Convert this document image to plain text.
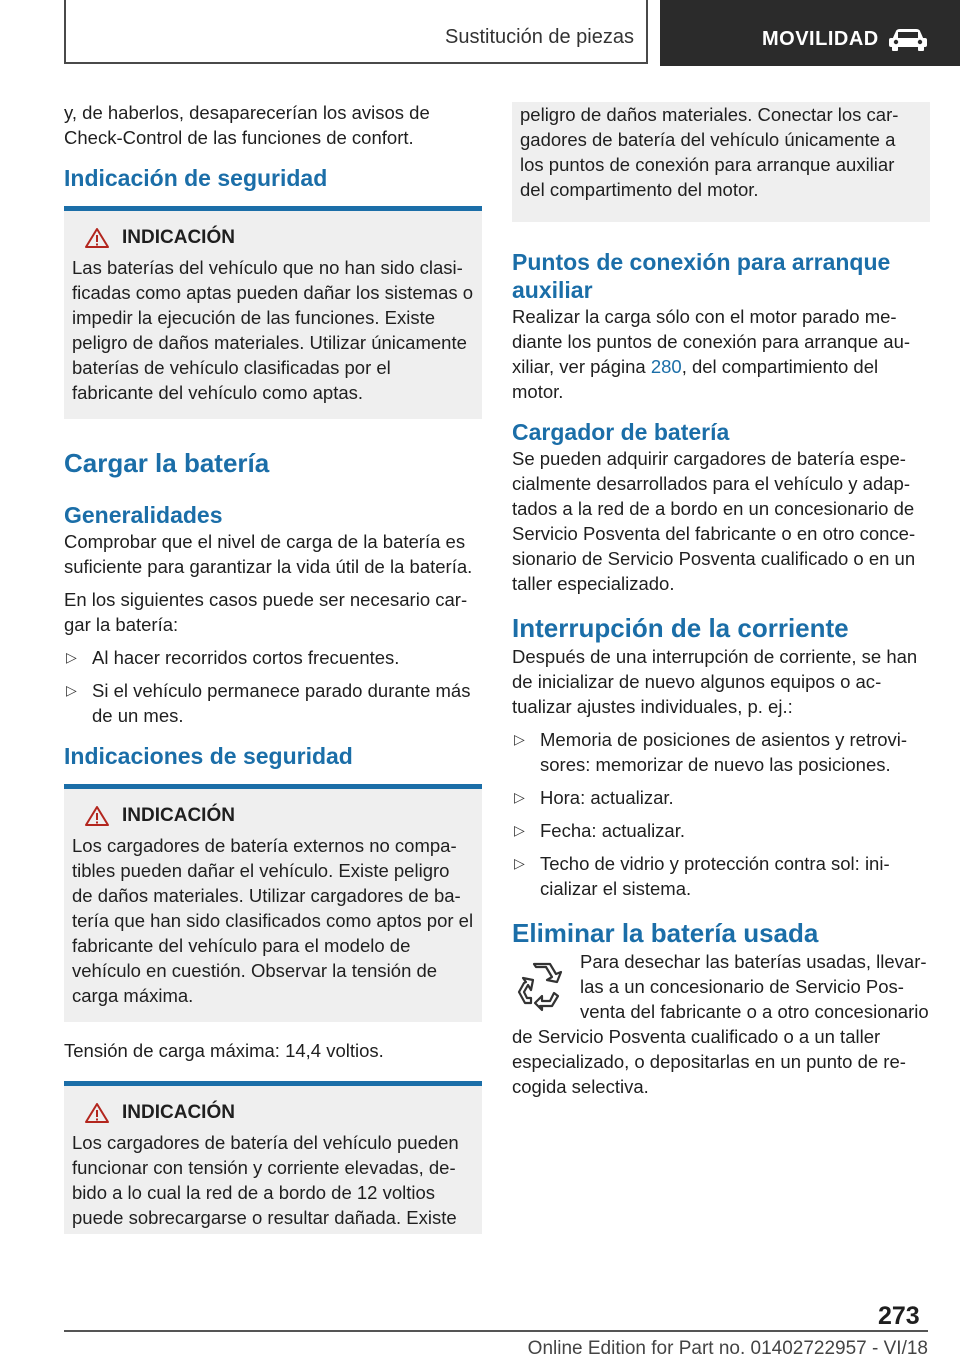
Sustitución de piezas	MOVILIDAD

y, de haberlos, desaparecerían los avisos de Check-Control de las funciones de confort.

Indicación de seguridad
INDICACIÓN

Las baterías del vehículo que no han sido clasificadas como aptas pueden dañar los sistemas o impedir la ejecución de las funciones. Existe peligro de daños materiales. Utilizar únicamente baterías de vehículo clasificadas por el fabricante del vehículo como aptas.

Cargar la batería
Generalidades

Comprobar que el nivel de carga de la batería es suficiente para garantizar la vida útil de la batería.

En los siguientes casos puede ser necesario cargar la batería:

▷ Al hacer recorridos cortos frecuentes.
▷ Si el vehículo permanece parado durante más de un mes.
Indicaciones de seguridad
INDICACIÓN

Los cargadores de batería externos no compatibles pueden dañar el vehículo. Existe peligro de daños materiales. Utilizar cargadores de batería que han sido clasificados como aptos por el fabricante del vehículo para el modelo de vehículo en cuestión. Observar la tensión de carga máxima.

Tensión de carga máxima: 14,4 voltios.

INDICACIÓN

Los cargadores de batería del vehículo pueden funcionar con tensión y corriente elevadas, debido a lo cual la red de a bordo de 12 voltios puede sobrecargarse o resultar dañada. Existe

peligro de daños materiales. Conectar los cargadores de batería del vehículo únicamente a los puntos de conexión para arranque auxiliar del compartimento del motor.

Puntos de conexión para arranque auxiliar

Realizar la carga sólo con el motor parado mediante los puntos de conexión para arranque auxiliar, ver página 280, del compartimiento del motor.

Cargador de batería

Se pueden adquirir cargadores de batería especialmente desarrollados para el vehículo y adaptados a la red de a bordo en un concesionario de Servicio Posventa del fabricante o en otro concesionario de Servicio Posventa cualificado o en un taller especializado.

Interrupción de la corriente

Después de una interrupción de corriente, se han de inicializar de nuevo algunos equipos o actualizar ajustes individuales, p. ej.:

▷ Memoria de posiciones de asientos y retrovisores: memorizar de nuevo las posiciones.
▷ Hora: actualizar.
▷ Fecha: actualizar.
▷ Techo de vidrio y protección contra sol: inicializar el sistema.
Eliminar la batería usada

Para desechar las baterías usadas, llevarlas a un concesionario de Servicio Posventa del fabricante o a otro concesionario de Servicio Posventa cualificado o a un taller especializado, o depositarlas en un punto de recogida selectiva.

273
Online Edition for Part no. 01402722957 - VI/18
